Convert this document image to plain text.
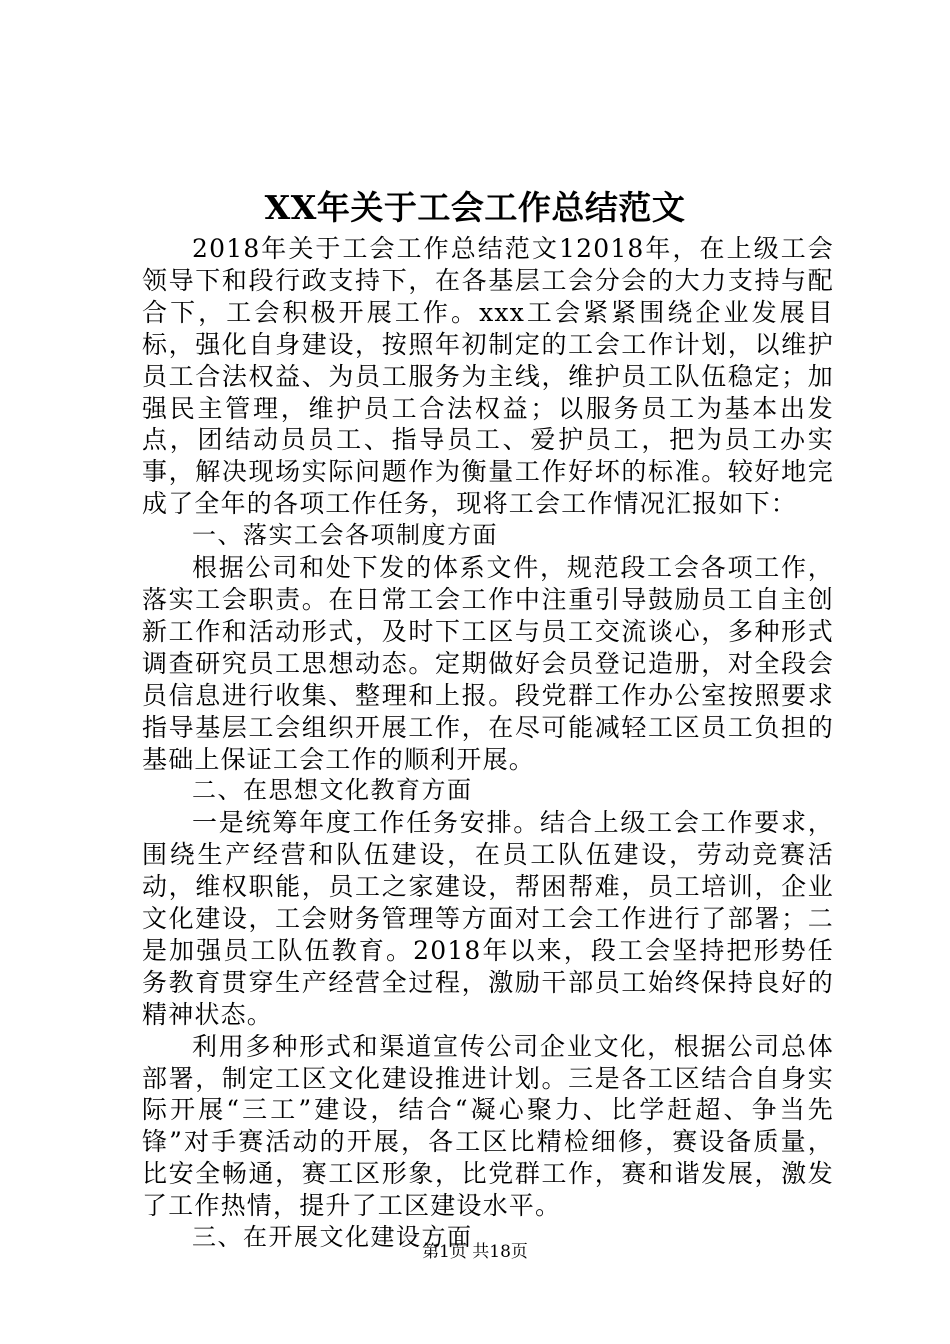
XX年关于工会工作总结范文

2018年关于工会工作总结范文12018年，在上级工会领导下和段行政支持下，在各基层工会分会的大力支持与配合下，工会积极开展工作。xxx工会紧紧围绕企业发展目标，强化自身建设，按照年初制定的工会工作计划，以维护员工合法权益、为员工服务为主线，维护员工队伍稳定；加强民主管理，维护员工合法权益；以服务员工为基本出发点，团结动员员工、指导员工、爱护员工，把为员工办实事，解决现场实际问题作为衡量工作好坏的标准。较好地完成了全年的各项工作任务，现将工会工作情况汇报如下：

一、落实工会各项制度方面

根据公司和处下发的体系文件，规范段工会各项工作，落实工会职责。在日常工会工作中注重引导鼓励员工自主创新工作和活动形式，及时下工区与员工交流谈心，多种形式调查研究员工思想动态。定期做好会员登记造册，对全段会员信息进行收集、整理和上报。段党群工作办公室按照要求指导基层工会组织开展工作，在尽可能减轻工区员工负担的基础上保证工会工作的顺利开展。

二、在思想文化教育方面

一是统筹年度工作任务安排。结合上级工会工作要求，围绕生产经营和队伍建设，在员工队伍建设，劳动竞赛活动，维权职能，员工之家建设，帮困帮难，员工培训，企业文化建设，工会财务管理等方面对工会工作进行了部署；二是加强员工队伍教育。2018年以来，段工会坚持把形势任务教育贯穿生产经营全过程，激励干部员工始终保持良好的精神状态。

利用多种形式和渠道宣传公司企业文化，根据公司总体部署，制定工区文化建设推进计划。三是各工区结合自身实际开展“三工”建设，结合“凝心聚力、比学赶超、争当先锋”对手赛活动的开展，各工区比精检细修，赛设备质量，比安全畅通，赛工区形象，比党群工作，赛和谐发展，激发了工作热情，提升了工区建设水平。

三、在开展文化建设方面

第1页 共18页
